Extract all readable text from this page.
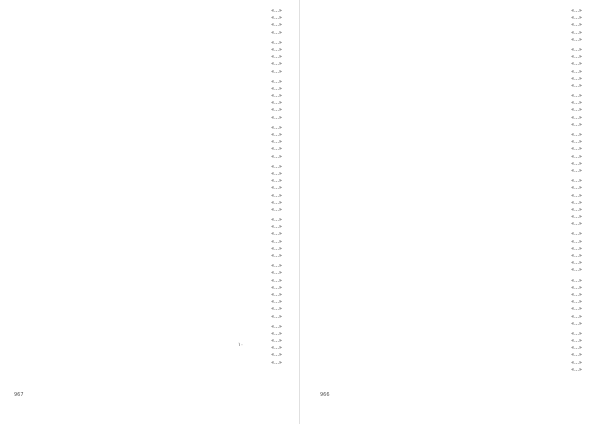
«...»
«...»
«...»
«...»
«...»
«...»
«...»
«...»
«...»
«...»
«...»
«...»
«...»
«...»
«...»
«...»
«...»
«...»
«...»
«...»
«...»
«...»
«...»
«...»
«...»
«...»
«...»
«...»
«...»
«...»
«...»
«...»
«...»
«...»
«...»
«...»
«...»
«...»
«...»
«...»
«...»
«...»
«...»
«...»
«...»
«...»
«...»
۱۰
967
«...»
«...»
«...»
«...»
«...»
«...»
«...»
«...»
«...»
«...»
«...»
«...»
«...»
«...»
«...»
«...»
«...»
«...»
«...»
«...»
«...»
«...»
«...»
«...»
«...»
«...»
«...»
«...»
«...»
«...»
«...»
«...»
«...»
«...»
«...»
«...»
«...»
«...»
«...»
«...»
«...»
«...»
«...»
«...»
«...»
«...»
«...»
«...»
966
